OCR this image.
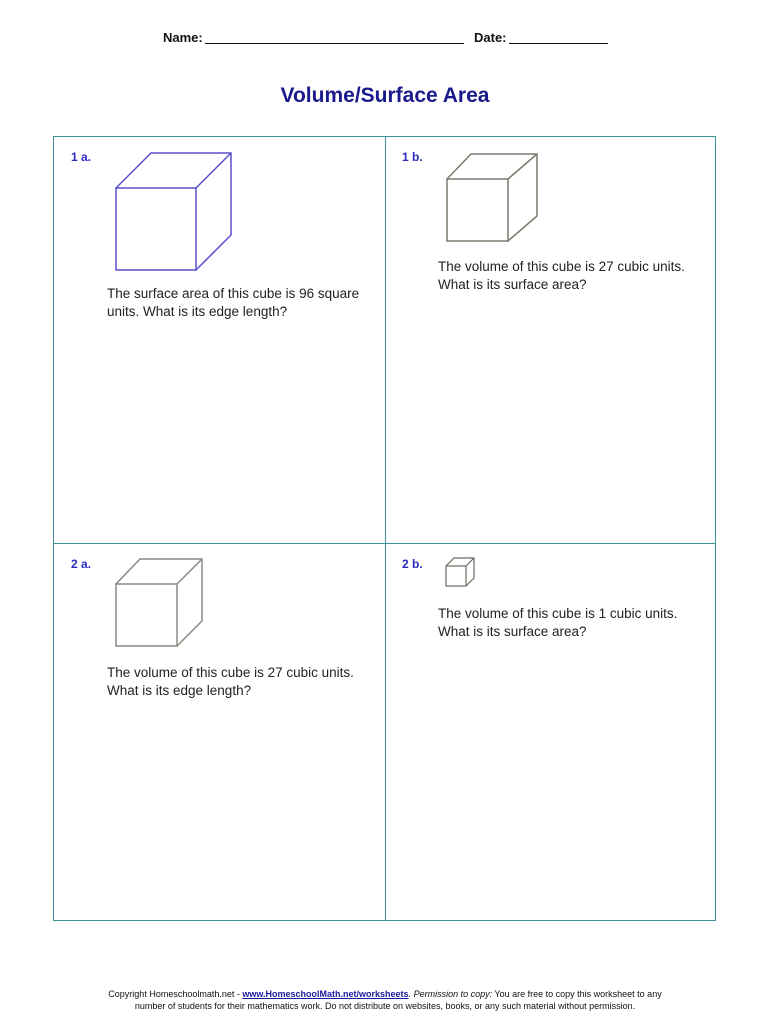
Name:	Date:
Volume/Surface Area
1 a.
The surface area of this cube is 96 square
units. What is its edge length?
1 b.
The volume of this cube is 27 cubic units.
What is its surface area?
2 a.
The volume of this cube is 27 cubic units.
What is its edge length?
2 b.
The volume of this cube is 1 cubic units.
What is its surface area?
Copyright Homeschoolmath.net - www.HomeschoolMath.net/worksheets. Permission to copy: You are free to copy this worksheet to any
number of students for their mathematics work. Do not distribute on websites, books, or any such material without permission.
